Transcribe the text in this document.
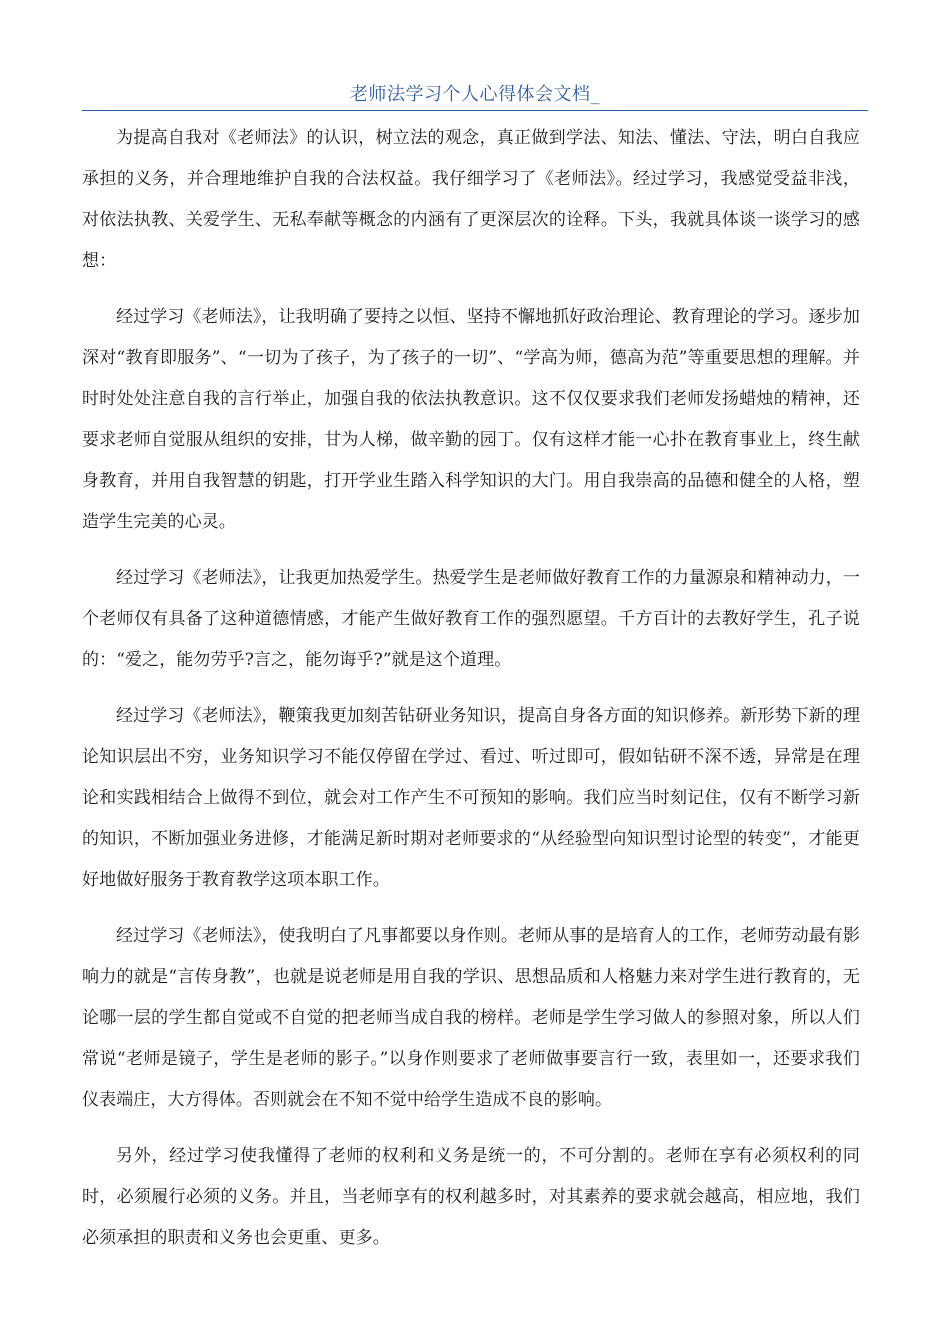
老师法学习个人心得体会文档_

为提高自我对《老师法》的认识，树立法的观念，真正做到学法、知法、懂法、守法，明白自我应承担的义务，并合理地维护自我的合法权益。我仔细学习了《老师法》。经过学习，我感觉受益非浅，对依法执教、关爱学生、无私奉献等概念的内涵有了更深层次的诠释。下头，我就具体谈一谈学习的感想：

经过学习《老师法》，让我明确了要持之以恒、坚持不懈地抓好政治理论、教育理论的学习。逐步加深对“教育即服务”、“一切为了孩子，为了孩子的一切”、“学高为师，德高为范”等重要思想的理解。并时时处处注意自我的言行举止，加强自我的依法执教意识。这不仅仅要求我们老师发扬蜡烛的精神，还要求老师自觉服从组织的安排，甘为人梯，做辛勤的园丁。仅有这样才能一心扑在教育事业上，终生献身教育，并用自我智慧的钥匙，打开学业生踏入科学知识的大门。用自我崇高的品德和健全的人格，塑造学生完美的心灵。

经过学习《老师法》，让我更加热爱学生。热爱学生是老师做好教育工作的力量源泉和精神动力，一个老师仅有具备了这种道德情感，才能产生做好教育工作的强烈愿望。千方百计的去教好学生，孔子说的：“爱之，能勿劳乎?言之，能勿诲乎?”就是这个道理。

经过学习《老师法》，鞭策我更加刻苦钻研业务知识，提高自身各方面的知识修养。新形势下新的理论知识层出不穷，业务知识学习不能仅停留在学过、看过、听过即可，假如钻研不深不透，异常是在理论和实践相结合上做得不到位，就会对工作产生不可预知的影响。我们应当时刻记住，仅有不断学习新的知识，不断加强业务进修，才能满足新时期对老师要求的“从经验型向知识型讨论型的转变”，才能更好地做好服务于教育教学这项本职工作。

经过学习《老师法》，使我明白了凡事都要以身作则。老师从事的是培育人的工作，老师劳动最有影响力的就是“言传身教”，也就是说老师是用自我的学识、思想品质和人格魅力来对学生进行教育的，无论哪一层的学生都自觉或不自觉的把老师当成自我的榜样。老师是学生学习做人的参照对象，所以人们常说“老师是镜子，学生是老师的影子。”以身作则要求了老师做事要言行一致，表里如一，还要求我们仪表端庄，大方得体。否则就会在不知不觉中给学生造成不良的影响。

另外，经过学习使我懂得了老师的权利和义务是统一的，不可分割的。老师在享有必须权利的同时，必须履行必须的义务。并且，当老师享有的权利越多时，对其素养的要求就会越高，相应地，我们必须承担的职责和义务也会更重、更多。
